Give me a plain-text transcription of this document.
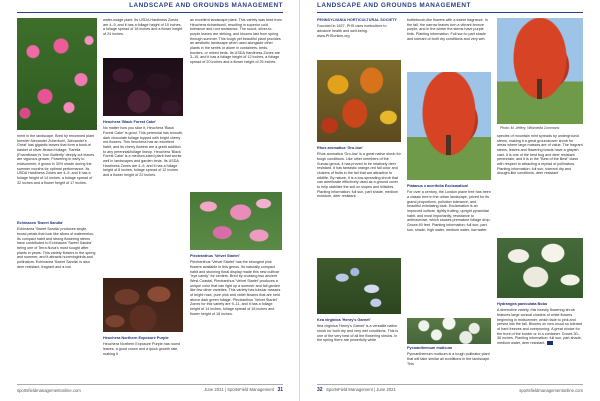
LANDSCAPE AND GROUNDS MANAGEMENT

ment in the landscape. Bred by renowned plant breeder Alexander Zuberbuhl, 'Alexander's Great' has gigantic leaves that form a bush-el basket of silver-flecked foliage. Tiarella (Foamflower)'s 'Iron Butterfly' deeply cut leaves are vigorous grower, Flowering in early to midsummer, it grows in 30% shade during the summer months for optimal performance. Its USDA Hardiness Zones are 4–9, and it has a foliage height of 14 inches, a foliage spread of 32 inches and a flower height of 17 inches.

Echinacea 'Sweet Sandia'

Echinacea 'Sweet Sandia' produces single, broad petals that look like slices of watermelon. Its compact habit and strong flowering stems have contributed to Echinacea 'Sweet Sandia' being one of Terra Nova's most sought after plants in years. This variety flowers in the spring and summer, and it attracts hummingbirds and pollinators. Echinacea 'Sweet Sandia' is also deer resistant, fragrant and a low

water-usage plant. Its USDA Hardiness Zones are 4–9, and it has a foliage height of 19 inches, a foliage spread of 18 inches and a flower height of 24 inches.

Heuchera 'Black Forest Cake'

No matter how you slice it, Heuchera 'Black Forest Cake' is good. This perennial has smooth, dark chocolate foliage topped with bright cherry red flowers. This heuchera has an excellent habit, and its cherry flowers are a great addition to any perennial/foliage lineup. Heuchera 'Black Forest Cake' is a medium-sized plant that works well in landscapes and garden beds. Its USDA Hardiness Zones are 4–9, and it has a foliage height of 8 inches, foliage spread of 12 inches and a flower height of 22 inches.

Heuchera Northern Exposure Purple

Heuchera Northern Exposure Purple has round leaves, a good crown and a quick growth rate, making it

an excellent landscape plant. This variety was bred from Heuchera richardsonii, resulting in superior cold tolerance and root resistance. The round, silver-to-purple leaves are striking, and blooms last from spring through summer. This tough yet beautiful plant provides an aesthetic landscape when used alongside other plants in the series or alone in containers, beds, borders, or mixed beds. Its USDA Hardiness Zones are 3–10, and it has a foliage height of 12 inches, a foliage spread of 20 inches and a flower height of 25 inches.

Plectranthus 'Velvet Starlet'

Plectranthus 'Velvet Starlet' has the strongest pink flowers available in this genus. Its naturally compact habit and stunning floral display made this new cultivar "eye candy" for centers. Bred by crossing two ancient West Coastal, Plectranthus 'Velvet Starlet' produces a unique color that can light up a summer and fall garden like few other varieties. This variety has tubular masses of bright rose, pure pink and violet flowers that are held above dark green foliage. Plectranthus 'Velvet Starlet' Zones for this variety are 9–11, and it has a foliage height of 14 inches, foliage spread of 18 inches and flower height of 18 inches.

sportsfieldmanagementonline.com	June 2021 | SportsField Management 31
LANDSCAPE AND GROUNDS MANAGEMENT

PENNSYLVANIA HORTICULTURAL SOCIETY

Founded in 1827, PHS uses horticulture to advance health and well-being. www.PHSonline.org

Rhus aromatica 'Gro-low'

Rhus aromatica 'Gro-low' is a great native shrub for tough conditions. Like other members of the Sumac genus, it has proved to be relatively deer resistant. It has fantastic orange-red fall color and clusters of fruits in the fall that are attractive to wildlife. By nature, it is a low-spreading shrub that can ameliorate effectively used as a ground cover to help stabilize the soil on slopes and hillsides. Planting information: full sun, part shade, medium moisture, deer resistant.

Kea virginica 'Henry's Garnet'

Itea virginica 'Henry's Garnet' is a versatile native shrub for both dry and very wet conditions. This is one of the very best of all the flowering shrubs. In the spring there are powerfully white

bottlebrush-like flowers with a sweet fragrance. In the fall, the narrow leaves turn a vibrant bronze purple, and in the winter the stems have purple tints. Planting information: Full sun to part shade and tolerant of both dry conditions and very wet.

Platanus x acerifolia Exclamation!

For over a century, the London plane tree has been a classic tree in the urban landscape, prized for its grand proportions, pollution tolerance, and beautiful exfoliating bark. Exclamation is an improved cultivar, tightly fruiting, upright pyramidal habit, and most importantly, resistance to anthracnose, which causes premature foliage drop. Grows 60 feet. Planting information: full sun, part sun, shade, high water, medium water, low water.

Pycnanthemum muticum

Pycnanthemum muticum is a tough pollinator plant that will take similar all conditions in the landscape. This

Photo: M. Jeffery, Wikimedia Commons

species of mountain mint spreads by underground stems, making it a great groundcover shrub for areas where large masses are of value. The fragrant stems, leaves and flowering bracts have a grayish cast. It is one of the best bug and deer resistant perennials, and it is in the "Best of the Best" class with respect to attracting a myriad of pollinators. Planting information: full sun, tolerant dry and drought-like conditions, deer resistant

Hydrangea paniculata Bobo

A diminutive variety, this heavily flowering shrub features large conical clusters of white flowers beginning in midsummer, which fade to pink and persist into the fall. Blooms on new wood so tolerant of hard freezes and overpruning. A great choice for the front of the border or in a container. Grows 30–36 inches. Planting information: full sun, part shade, medium water, deer resistant.

32 SportsField Management | June 2021	sportsfieldmanagementonline.com
